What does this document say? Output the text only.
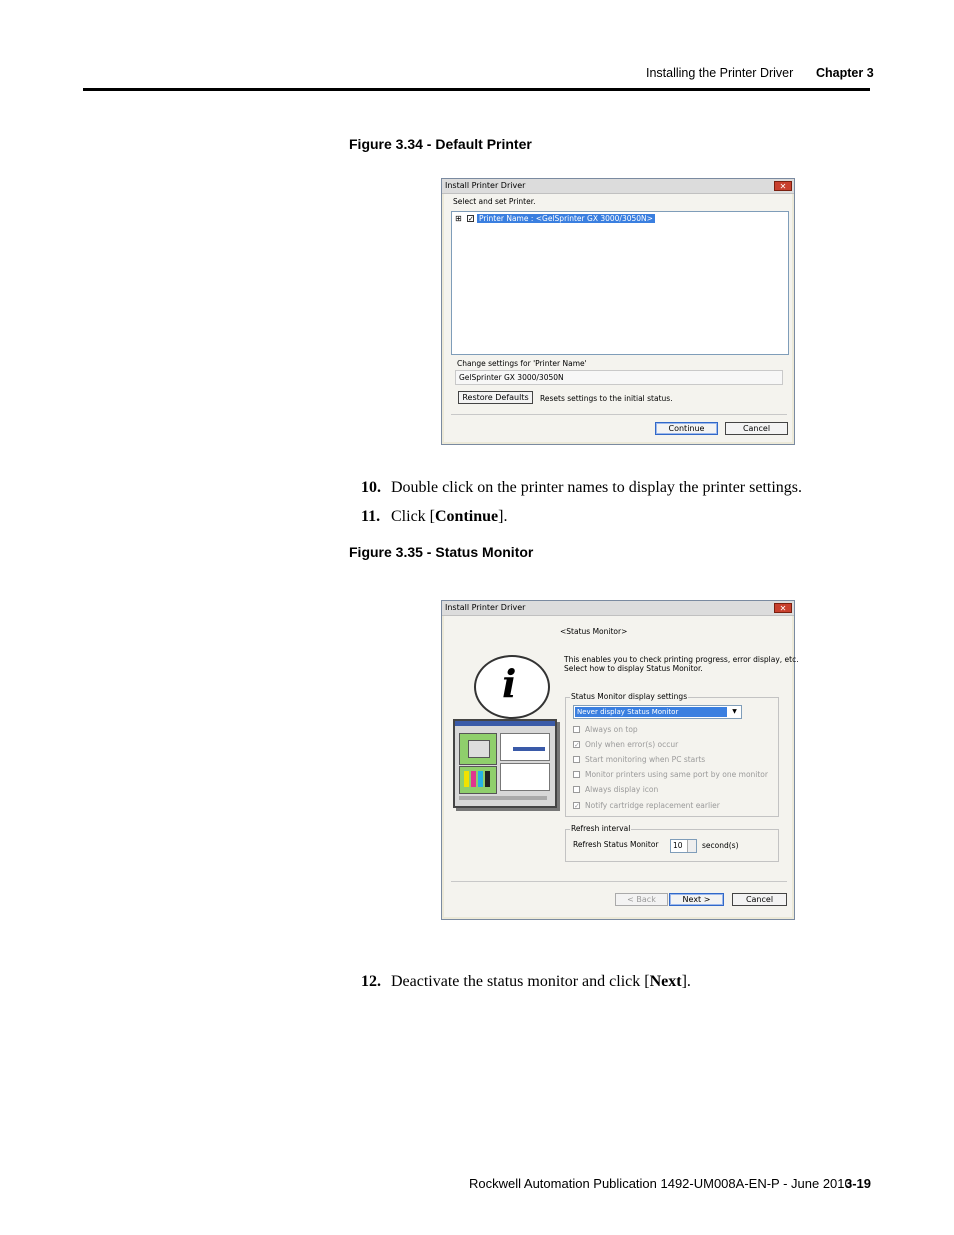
Installing the Printer Driver Chapter 3
Figure 3.34 - Default Printer
Install Printer Driver	✕
Select and set Printer.
⊞ ✓ Printer Name : <GelSprinter GX 3000/3050N>
Change settings for 'Printer Name'
GelSprinter GX 3000/3050N
Restore Defaults	Resets settings to the initial status.
Continue	Cancel
10. Double click on the printer names to display the printer settings.
11. Click [Continue].
Figure 3.35 - Status Monitor
Install Printer Driver	✕
<Status Monitor>
i
This enables you to check printing progress, error display, etc.
Select how to display Status Monitor.
Status Monitor display settings
Never display Status Monitor	▼
Always on top
✓ Only when error(s) occur
Start monitoring when PC starts
Monitor printers using same port by one monitor
Always display icon
✓ Notify cartridge replacement earlier
Refresh interval
Refresh Status Monitor 10	second(s)
< Back	Next >	Cancel
12. Deactivate the status monitor and click [Next].
Rockwell Automation Publication 1492-UM008A-EN-P - June 2010
3-19
